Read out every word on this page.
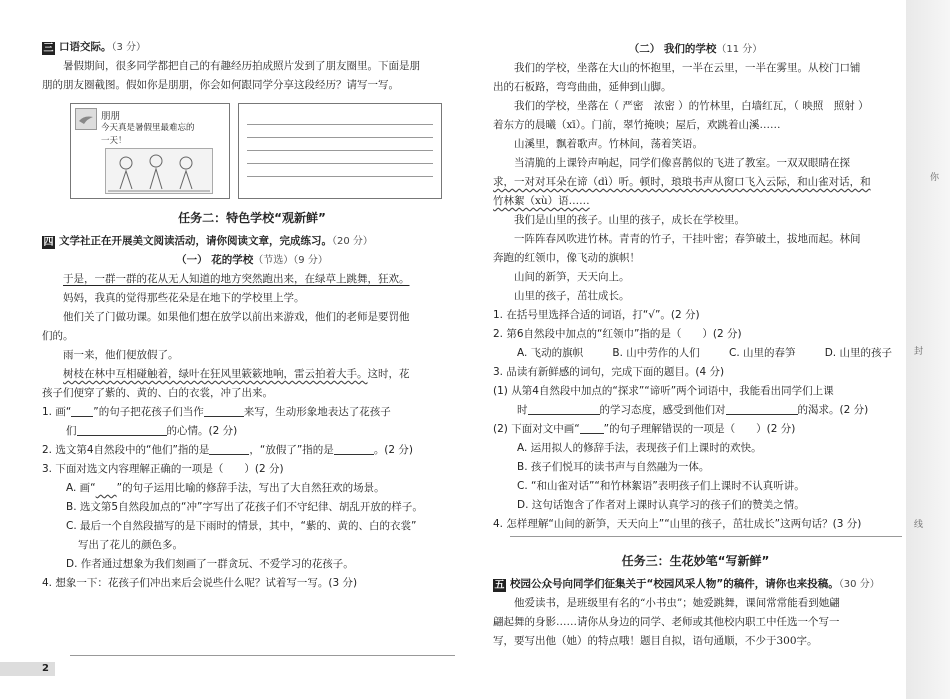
三 口语交际。（3 分）
暑假期间，很多同学都把自己的有趣经历拍成照片发到了朋友圈里。下面是朋
朋的朋友圈截图。假如你是朋朋，你会如何跟同学分享这段经历？请写一写。
朋朋
今天真是暑假里最难忘的
一天！
任务二：特色学校“观新鲜”
四 文学社正在开展美文阅读活动，请你阅读文章，完成练习。（20 分）
（一） 花的学校（节选）（9 分）
于是，一群一群的花从无人知道的地方突然跑出来，在绿草上跳舞，狂欢。
妈妈，我真的觉得那些花朵是在地下的学校里上学。
他们关了门做功课。如果他们想在放学以前出来游戏，他们的老师是要罚他
们的。
雨一来，他们便放假了。
树枝在林中互相碰触着，绿叶在狂风里簌簌地响，雷云拍着大手。这时，花
孩子们便穿了紫的、黄的、白的衣裳，冲了出来。
1. 画“ ”的句子把花孩子们当作	来写，生动形象地表达了花孩子
们	的心情。(2 分)
2. 选文第4自然段中的“他们”指的是	，“放假了”指的是	。(2 分)
3. 下面对选文内容理解正确的一项是（　　）(2 分)
A. 画“　　 ”的句子运用比喻的修辞手法，写出了大自然狂欢的场景。
B. 选文第5自然段加点的“冲”字写出了花孩子们不守纪律、胡乱开放的样子。
C. 最后一个自然段描写的是下雨时的情景，其中，“紫的、黄的、白的衣裳”
写出了花儿的颜色多。
D. 作者通过想象为我们刻画了一群贪玩、不爱学习的花孩子。
4. 想象一下：花孩子们冲出来后会说些什么呢？试着写一写。(3 分)
（二） 我们的学校（11 分）
我们的学校，坐落在大山的怀抱里，一半在云里，一半在雾里。从校门口铺
出的石板路，弯弯曲曲，延伸到山脚。
我们的学校，坐落在（ 严密　浓密 ）的竹林里，白墙红瓦，（ 映照　照射 ）
着东方的晨曦（xī）。门前，翠竹掩映；屋后，欢跳着山溪……
山溪里，飘着歌声。竹林间，荡着笑语。
当清脆的上课铃声响起，同学们像喜鹊似的飞进了教室。一双双眼睛在探
求，一对对耳朵在谛（dì）听。顿时，琅琅书声从窗口飞入云际，和山雀对话，和
竹林絮（xù）语……
我们是山里的孩子。山里的孩子，成长在学校里。
一阵阵春风吹进竹林。青青的竹子，干挂叶密；春笋破土，拔地而起。林间
奔跑的红领巾，像飞动的旗帜！
山间的新笋，天天向上。
山里的孩子，茁壮成长。
1. 在括号里选择合适的词语，打“√”。(2 分)
2. 第6自然段中加点的“红领巾”指的是（　　）(2 分)
A. 飞动的旗帜	B. 山中劳作的人们	C. 山里的春笋	D. 山里的孩子
3. 品读有新鲜感的词句，完成下面的题目。(4 分)
(1) 从第4自然段中加点的“探求”“谛听”两个词语中，我能看出同学们上课
时	的学习态度，感受到他们对	的渴求。(2 分)
(2) 下面对文中画“ ”的句子理解错误的一项是（　　）(2 分)
A. 运用拟人的修辞手法，表现孩子们上课时的欢快。
B. 孩子们悦耳的读书声与自然融为一体。
C. “和山雀对话”“和竹林絮语”表明孩子们上课时不认真听讲。
D. 这句话饱含了作者对上课时认真学习的孩子们的赞美之情。
4. 怎样理解“山间的新笋，天天向上”“山里的孩子，茁壮成长”这两句话？(3 分)
任务三：生花妙笔“写新鲜”
五 校园公众号向同学们征集关于“校园风采人物”的稿件，请你也来投稿。（30 分）
他爱读书，是班级里有名的“小书虫”；她爱跳舞，课间常常能看到她翩
翩起舞的身影……请你从身边的同学、老师或其他校内职工中任选一个写一
写，要写出他（她）的特点哦！题目自拟，语句通顺，不少于300字。
封
线
你
2
